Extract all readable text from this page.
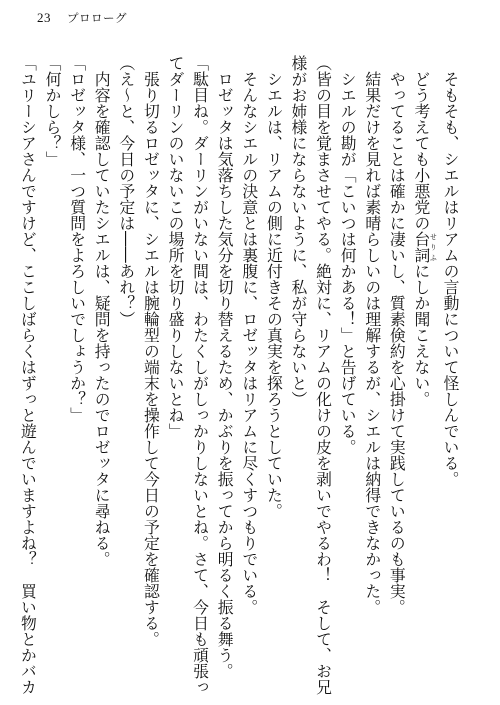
23 プロローグ

そもそも、シエルはリアムの言動について怪しんでいる。

どう考えても小悪党の台詞せりふにしか聞こえない。

やってることは確かに凄いし、質素倹約を心掛けて実践しているのも事実。

結果だけを見れば素晴らしいのは理解するが、シエルは納得できなかった。

シエルの勘が「こいつは何かある！」と告げている。

（皆の目を覚まさせてやる。絶対に、リアムの化けの皮を剥いでやるわ！　そして、お兄様がお姉様にならないように、私が守らないと）

シエルは、リアムの側に近付きその真実を探ろうとしていた。

そんなシエルの決意とは裏腹に、ロゼッタはリアムに尽くすつもりでいる。

ロゼッタは気落ちした気分を切り替えるため、かぶりを振ってから明るく振る舞う。

「駄目ね。ダーリンがいない間は、わたくしがしっかりしないとね。さて、今日も頑張ってダーリンのいないこの場所を切り盛りしないとね」

張り切るロゼッタに、シエルは腕輪型の端末を操作して今日の予定を確認する。

（え～と、今日の予定は――あれ？）

内容を確認していたシエルは、疑問を持ったのでロゼッタに尋ねる。

「ロゼッタ様、一つ質問をよろしいでしょうか？」

「何かしら？」

「ユリーシアさんですけど、ここしばらくはずっと遊んでいますよね？　買い物とかバカ
